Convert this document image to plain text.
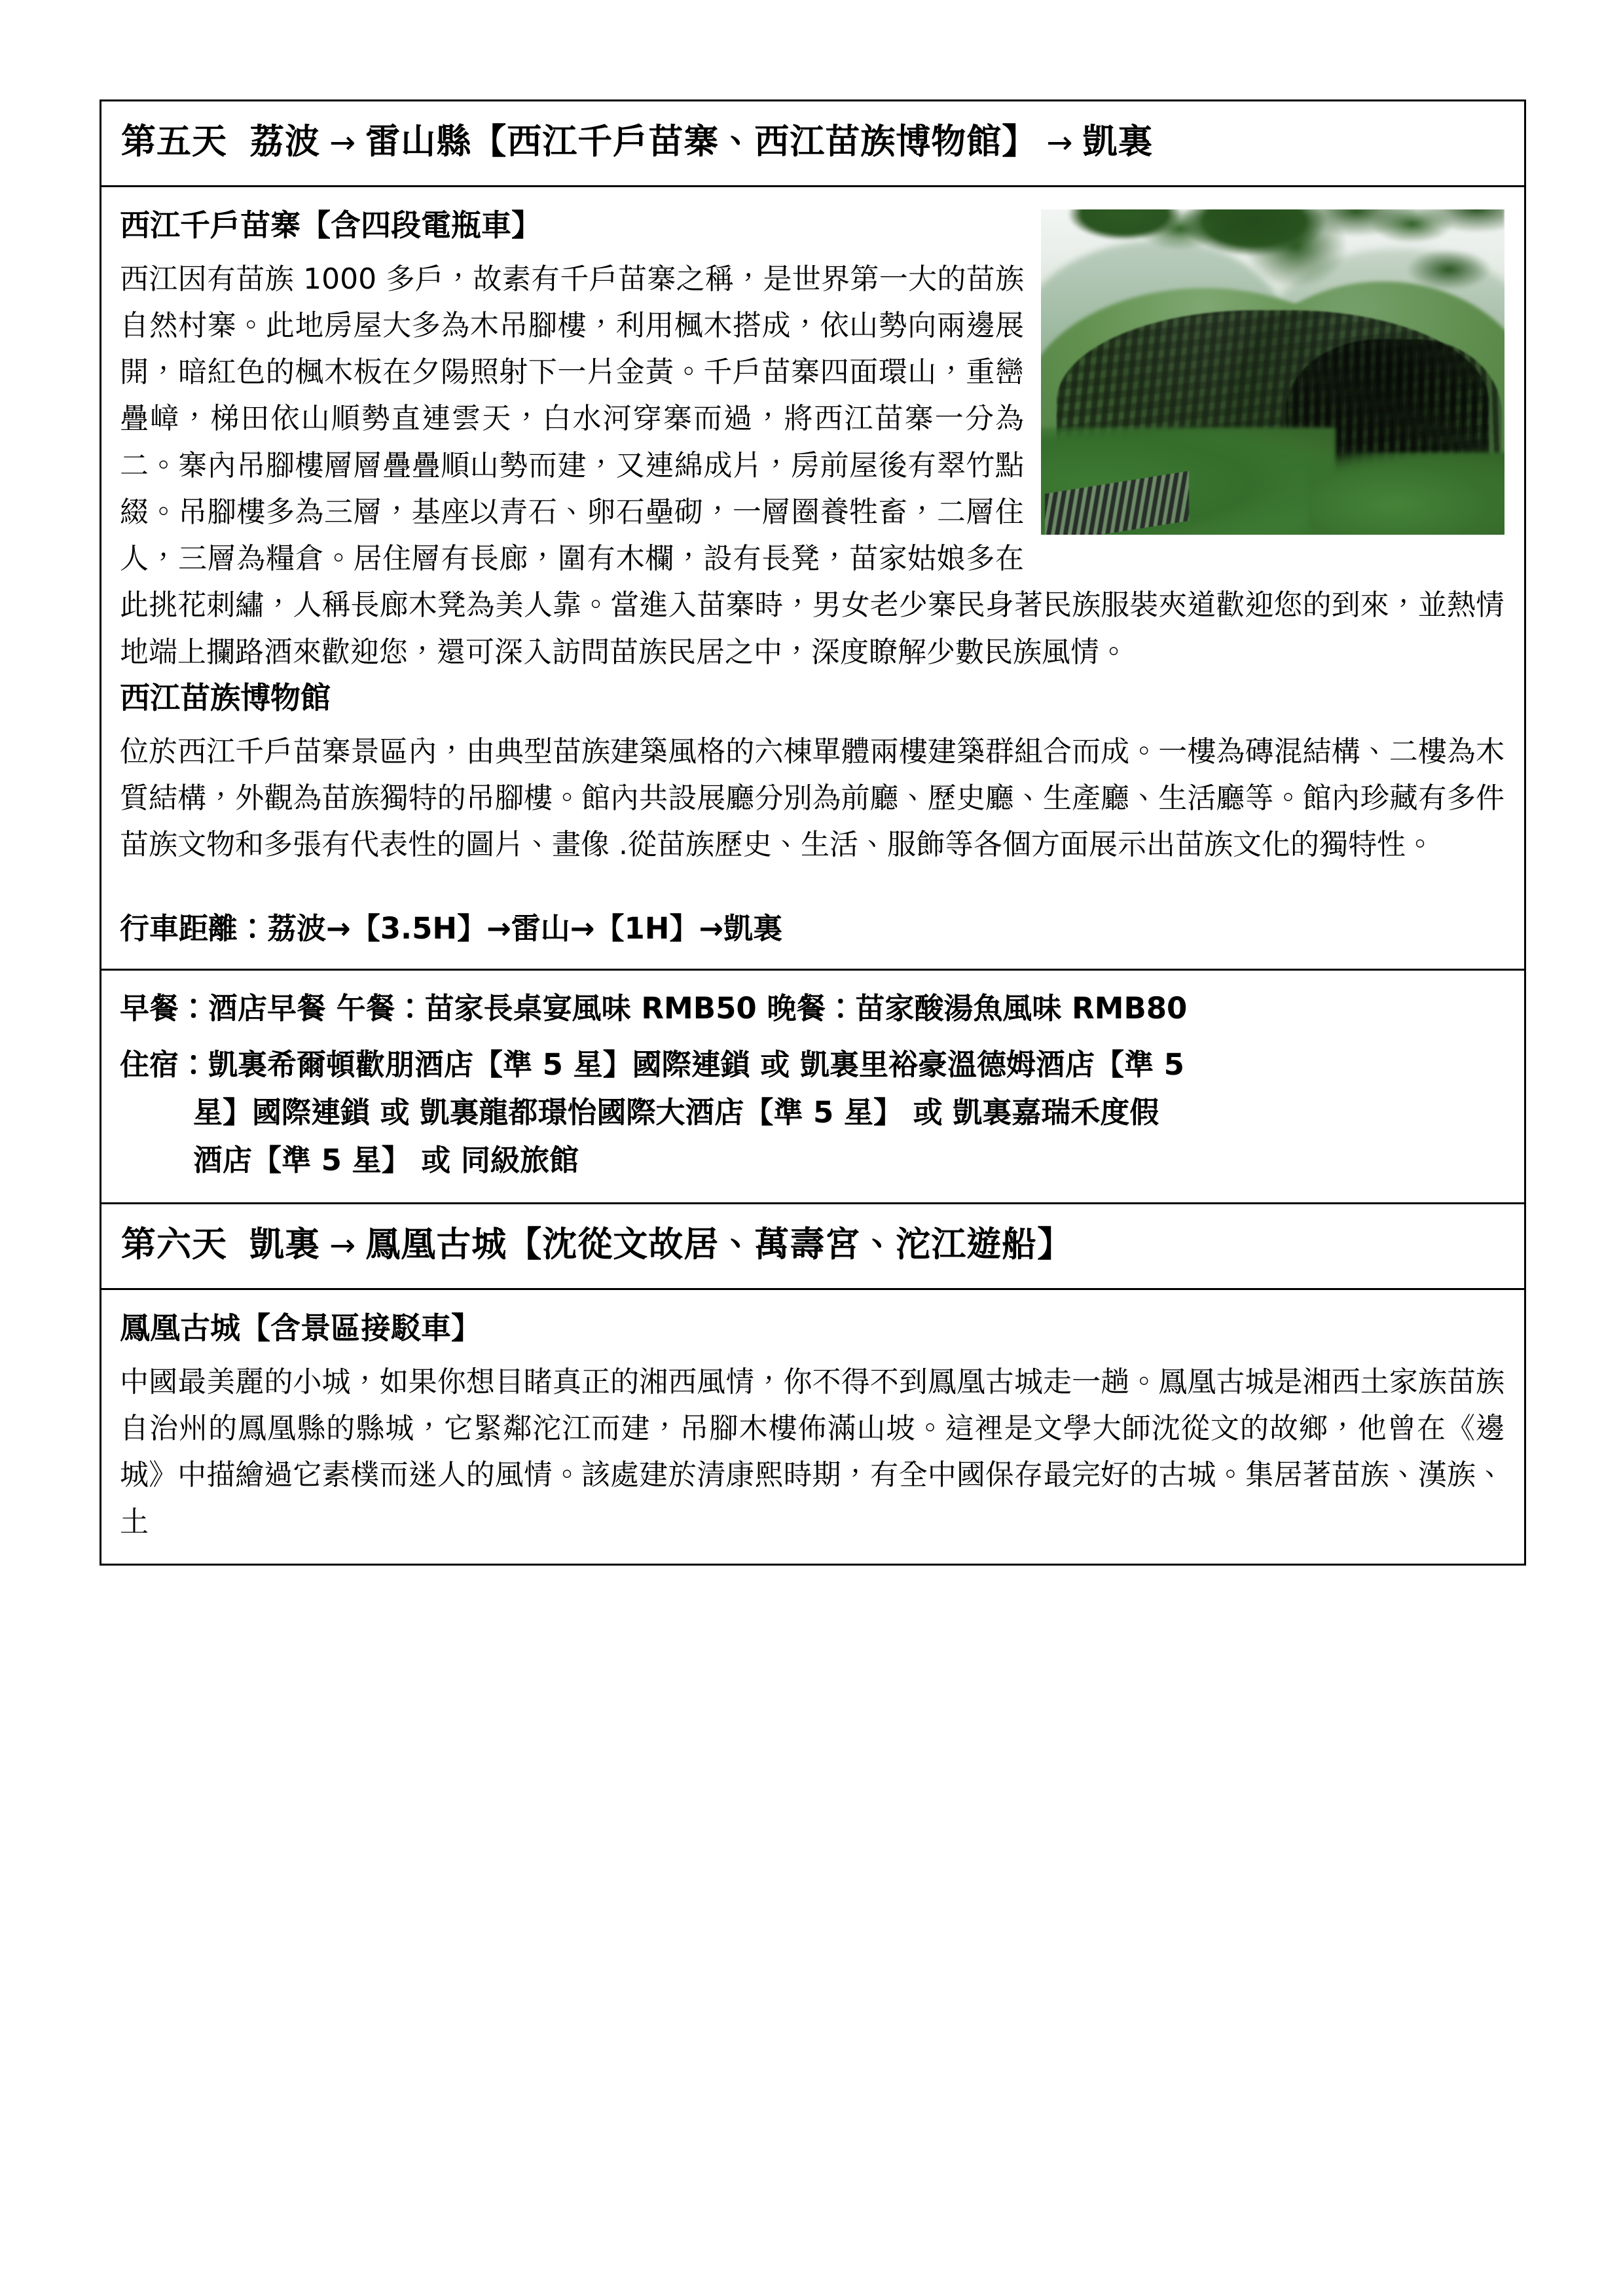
第五天 荔波 → 雷山縣【西江千戶苗寨、西江苗族博物館】 → 凱裏
西江千戶苗寨【含四段電瓶車】

西江因有苗族 1000 多戶，故素有千戶苗寨之稱，是世界第一大的苗族自然村寨。此地房屋大多為木吊腳樓，利用楓木搭成，依山勢向兩邊展開，暗紅色的楓木板在夕陽照射下一片金黃。千戶苗寨四面環山，重巒疊嶂，梯田依山順勢直連雲天，白水河穿寨而過，將西江苗寨一分為二。寨內吊腳樓層層疊疊順山勢而建，又連綿成片，房前屋後有翠竹點綴。吊腳樓多為三層，基座以青石、卵石壘砌，一層圈養牲畜，二層住人，三層為糧倉。居住層有長廊，圍有木欄，設有長凳，苗家姑娘多在此挑花刺繡，人稱長廊木凳為美人靠。當進入苗寨時，男女老少寨民身著民族服裝夾道歡迎您的到來，並熱情地端上攔路酒來歡迎您，還可深入訪問苗族民居之中，深度瞭解少數民族風情。

西江苗族博物館

位於西江千戶苗寨景區內，由典型苗族建築風格的六棟單體兩樓建築群組合而成。一樓為磚混結構、二樓為木質結構，外觀為苗族獨特的吊腳樓。館內共設展廳分別為前廳、歷史廳、生產廳、生活廳等。館內珍藏有多件苗族文物和多張有代表性的圖片、畫像 .從苗族歷史、生活、服飾等各個方面展示出苗族文化的獨特性。

行車距離：荔波→【3.5H】→雷山→【1H】→凱裏

早餐：酒店早餐 午餐：苗家長桌宴風味 RMB50 晚餐：苗家酸湯魚風味 RMB80

住宿：凱裏希爾頓歡朋酒店【準 5 星】國際連鎖 或 凱裏里裕豪溫德姆酒店【準 5
星】國際連鎖 或 凱裏龍都璟怡國際大酒店【準 5 星】 或 凱裏嘉瑞禾度假
酒店【準 5 星】 或 同級旅館
第六天 凱裏 → 鳳凰古城【沈從文故居、萬壽宮、沱江遊船】
鳳凰古城【含景區接駁車】

中國最美麗的小城，如果你想目睹真正的湘西風情，你不得不到鳳凰古城走一趟。鳳凰古城是湘西土家族苗族自治州的鳳凰縣的縣城，它緊鄰沱江而建，吊腳木樓佈滿山坡。這裡是文學大師沈從文的故鄉，他曾在《邊城》中描繪過它素樸而迷人的風情。該處建於清康熙時期，有全中國保存最完好的古城。集居著苗族、漢族、土
